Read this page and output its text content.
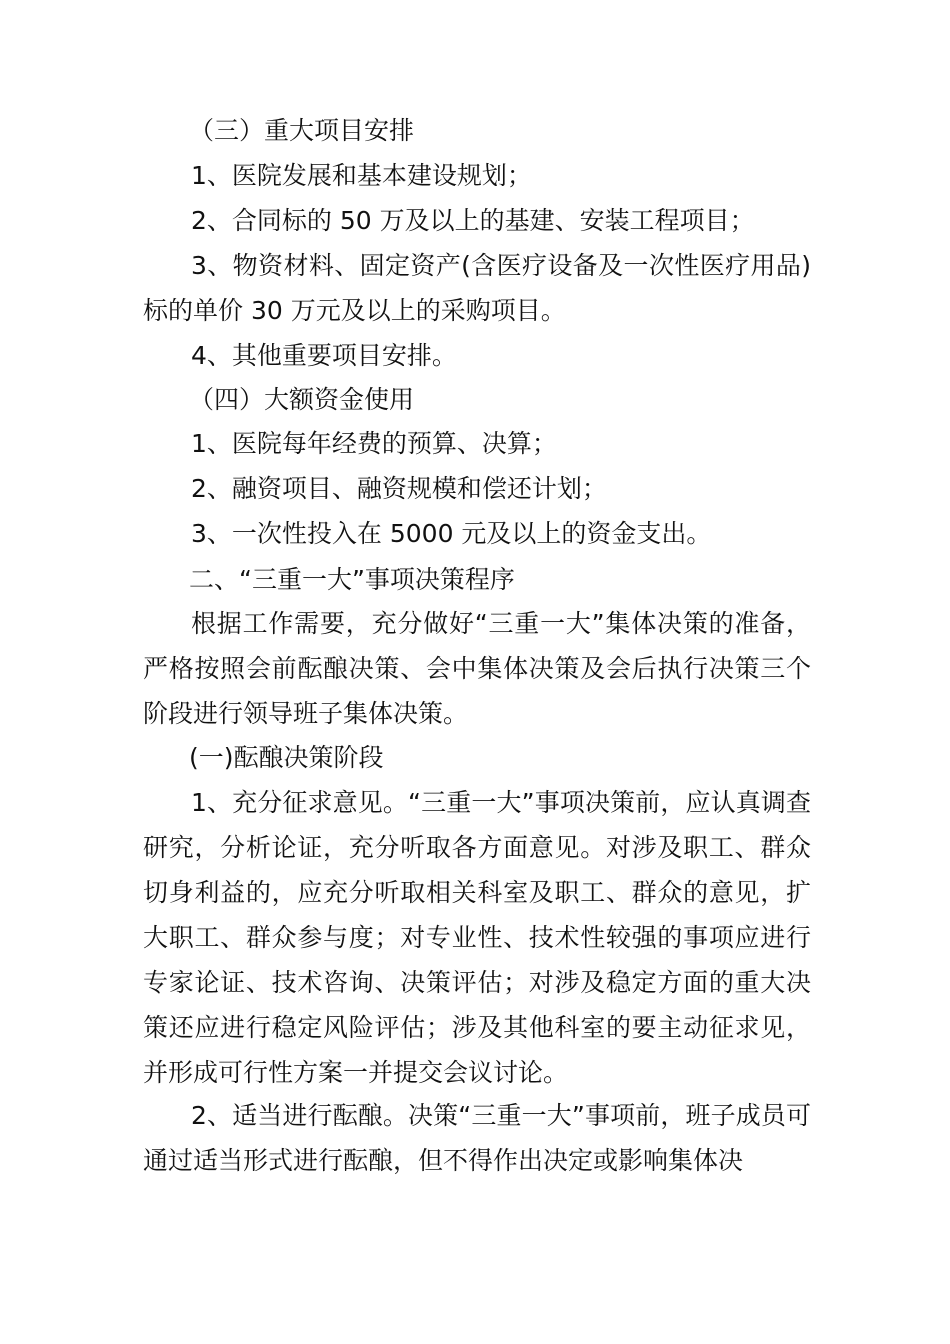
（三）重大项目安排

1、医院发展和基本建设规划；

2、合同标的 50 万及以上的基建、安装工程项目；

3、物资材料、固定资产(含医疗设备及一次性医疗用品)标的单价 30 万元及以上的采购项目。

4、其他重要项目安排。

（四）大额资金使用

1、医院每年经费的预算、决算；

2、融资项目、融资规模和偿还计划；

3、一次性投入在 5000 元及以上的资金支出。

二、“三重一大”事项决策程序

根据工作需要，充分做好“三重一大”集体决策的准备，严格按照会前酝酿决策、会中集体决策及会后执行决策三个阶段进行领导班子集体决策。

(一)酝酿决策阶段

1、充分征求意见。“三重一大”事项决策前，应认真调查研究，分析论证，充分听取各方面意见。对涉及职工、群众切身利益的，应充分听取相关科室及职工、群众的意见，扩大职工、群众参与度；对专业性、技术性较强的事项应进行专家论证、技术咨询、决策评估；对涉及稳定方面的重大决策还应进行稳定风险评估；涉及其他科室的要主动征求见，并形成可行性方案一并提交会议讨论。

2、适当进行酝酿。决策“三重一大”事项前，班子成员可通过适当形式进行酝酿，但不得作出决定或影响集体决
